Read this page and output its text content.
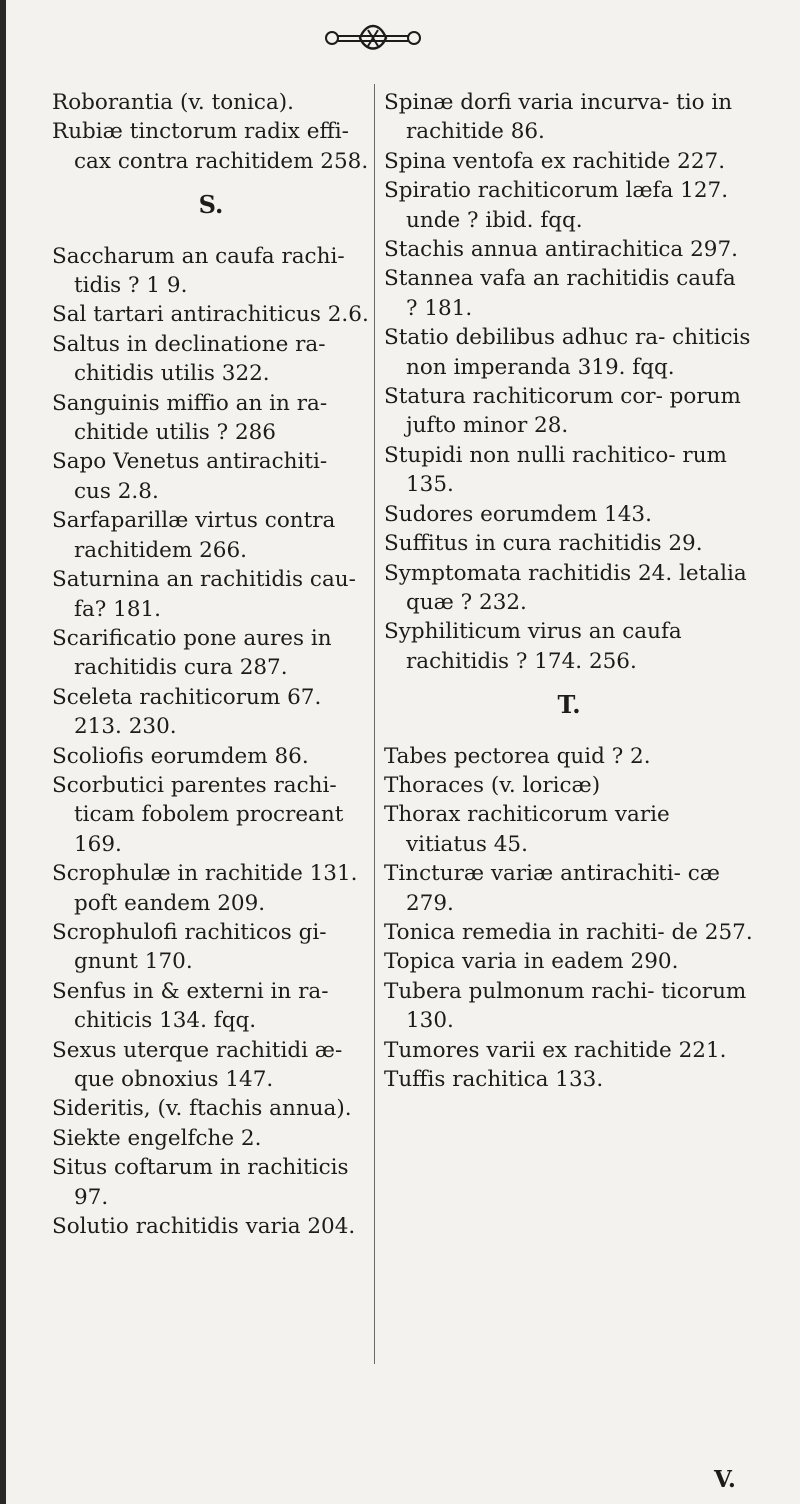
Roborantia (v. tonica).

Rubiæ tinctorum radix effi- cax contra rachitidem 258.

S.

Saccharum an caufa rachi- tidis ? 1 9.

Sal tartari antirachiticus 2.6.

Saltus in declinatione ra- chitidis utilis 322.

Sanguinis miffio an in ra- chitide utilis ? 286

Sapo Venetus antirachiti- cus 2.8.

Sarfaparillæ virtus contra rachitidem 266.

Saturnina an rachitidis cau- fa? 181.

Scarificatio pone aures in rachitidis cura 287.

Sceleta rachiticorum 67. 213. 230.

Scoliofis eorumdem 86.

Scorbutici parentes rachi- ticam fobolem procreant 169.

Scrophulæ in rachitide 131. poft eandem 209.

Scrophulofi rachiticos gi- gnunt 170.

Senfus in & externi in ra- chiticis 134. fqq.

Sexus uterque rachitidi æ- que obnoxius 147.

Sideritis, (v. ftachis annua).

Siekte engelfche 2.

Situs coftarum in rachiticis 97.

Solutio rachitidis varia 204.

Spinæ dorfi varia incurva- tio in rachitide 86.

Spina ventofa ex rachitide 227.

Spiratio rachiticorum læfa 127. unde ? ibid. fqq.

Stachis annua antirachitica 297.

Stannea vafa an rachitidis caufa ? 181.

Statio debilibus adhuc ra- chiticis non imperanda 319. fqq.

Statura rachiticorum cor- porum jufto minor 28.

Stupidi non nulli rachitico- rum 135.

Sudores eorumdem 143.

Suffitus in cura rachitidis 29.

Symptomata rachitidis 24. letalia quæ ? 232.

Syphiliticum virus an caufa rachitidis ? 174. 256.

T.

Tabes pectorea quid ? 2.

Thoraces (v. loricæ)

Thorax rachiticorum varie vitiatus 45.

Tincturæ variæ antirachiti- cæ 279.

Tonica remedia in rachiti- de 257.

Topica varia in eadem 290.

Tubera pulmonum rachi- ticorum 130.

Tumores varii ex rachitide 221.

Tuffis rachitica 133.

V.
